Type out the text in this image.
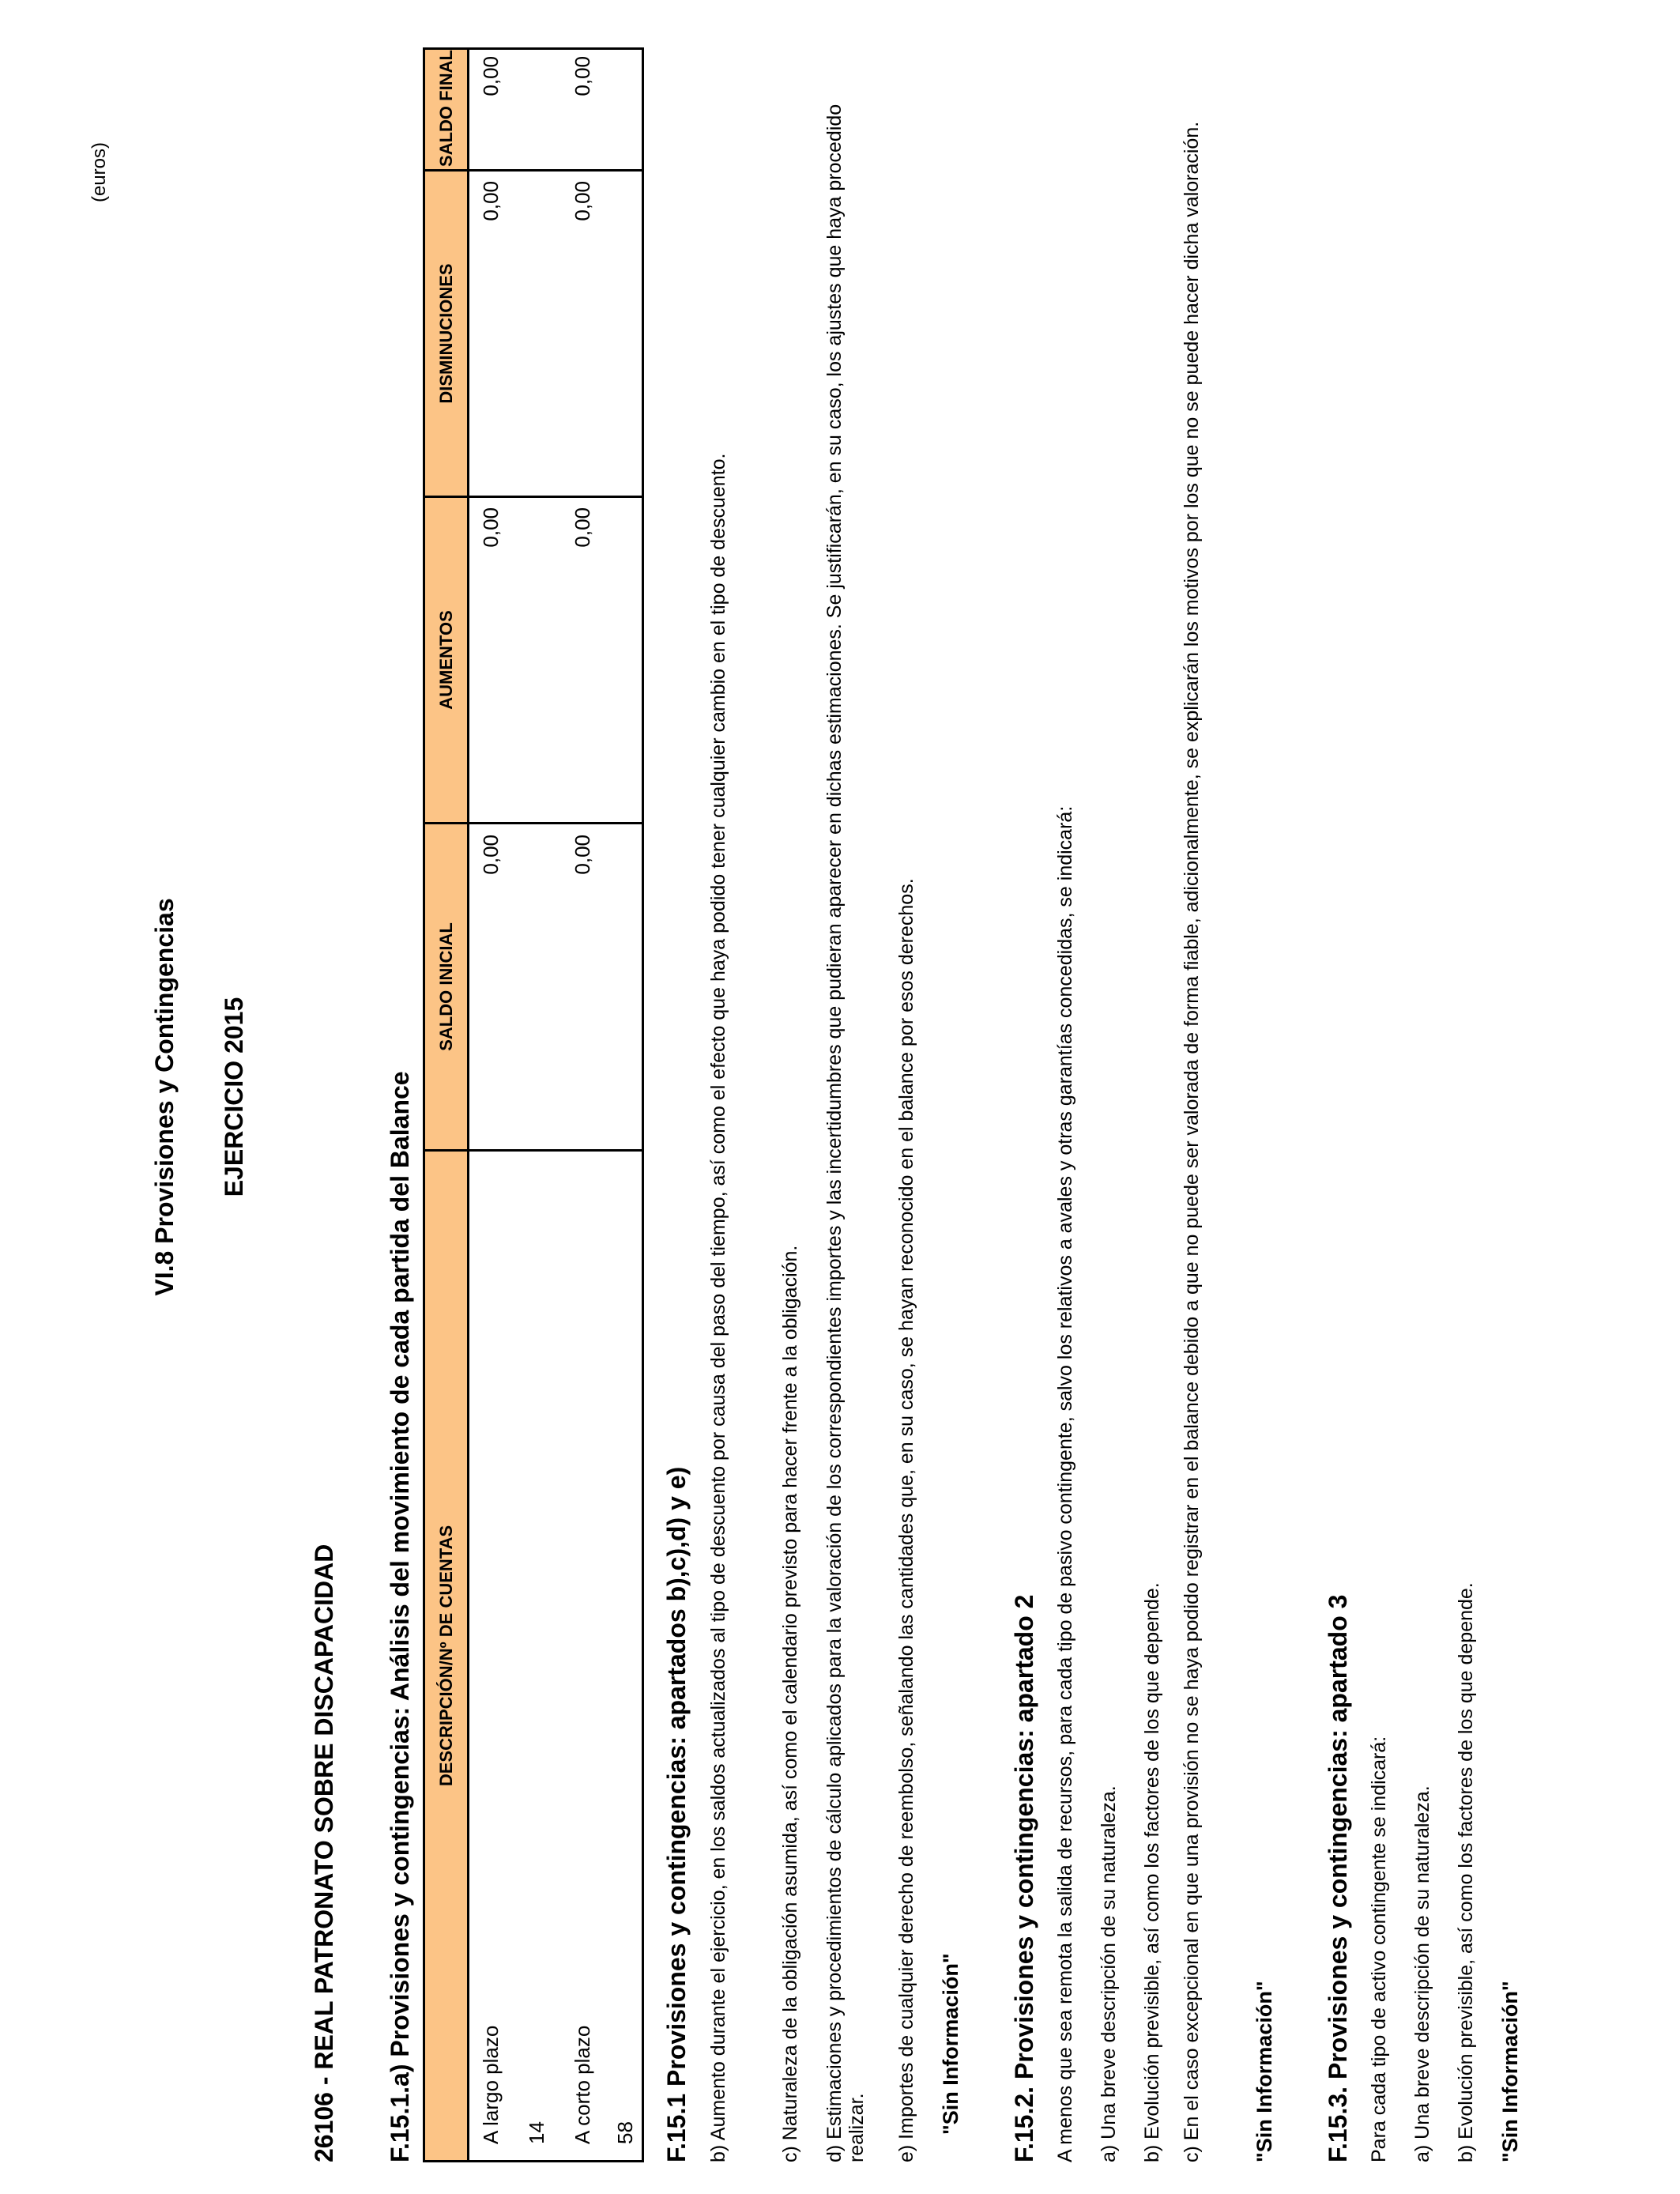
VI.8 Provisiones y Contingencias EJERCICIO 2015
(euros)
26106 - REAL PATRONATO SOBRE DISCAPACIDAD F.15.1.a) Provisiones y contingencias: Análisis del movimiento de cada partida del Balance	DESCRIPCIÓN/Nº DE CUENTAS
SALDO INICIAL
AUMENTOS
DISMINUCIONES
SALDO FINAL
A largo plazo 14
0,00
0,00
0,00
0,00
A corto plazo 58
0,00
0,00
0,00
0,00
F.15.1 Provisiones y contingencias: apartados b),c),d) y e) b) Aumento durante el ejercicio, en los saldos actualizados al tipo de descuento por causa del paso del tiempo, así como el efecto que haya podido tener cualquier cambio en el tipo de descuento.	c) Naturaleza de la obligación asumida, así como el calendario previsto para hacer frente a la obligación. d) Estimaciones y procedimientos de cálculo aplicados para la valoración de los correspondientes importes y las incertidumbres que pudieran aparecer en dichas estimaciones. Se justificarán, en su caso, los ajustes que haya procedido realizar. e) Importes de cualquier derecho de reembolso, señalando las cantidades que, en su caso, se hayan reconocido en el balance por esos derechos. "Sin Información" F.15.2. Provisiones y contingencias: apartado 2 A menos que sea remota la salida de recursos, para cada tipo de pasivo contingente, salvo los relativos a avales y otras garantías concedidas, se indicará: a) Una breve descripción de su naturaleza. b) Evolución previsible, así como los factores de los que depende. c) En el caso excepcional en que una provisión no se haya podido registrar en el balance debido a que no puede ser valorada de forma fiable, adicionalmente, se explicarán los motivos por los que no se puede hacer dicha valoración. "Sin Información" F.15.3. Provisiones y contingencias: apartado 3 Para cada tipo de activo contingente se indicará: a) Una breve descripción de su naturaleza. b) Evolución previsible, así como los factores de los que depende. "Sin Información"
